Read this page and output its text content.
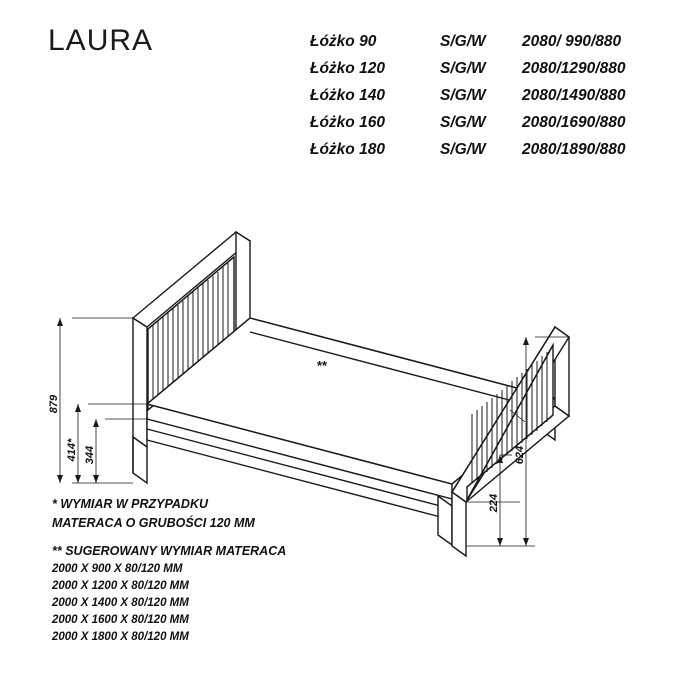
LAURA	Łóżko 90	S/G/W	2080/ 990/880
Łóżko 120	S/G/W	2080/1290/880
Łóżko 140	S/G/W	2080/1490/880
Łóżko 160	S/G/W	2080/1690/880
Łóżko 180	S/G/W	2080/1890/880
879
414* 344
224
624
**
* WYMIAR W PRZYPADKU
MATERACA O GRUBOŚCI 120 MM
** SUGEROWANY WYMIAR MATERACA
2000 X 900 X 80/120 MM
2000 X 1200 X 80/120 MM
2000 X 1400 X 80/120 MM
2000 X 1600 X 80/120 MM
2000 X 1800 X 80/120 MM
